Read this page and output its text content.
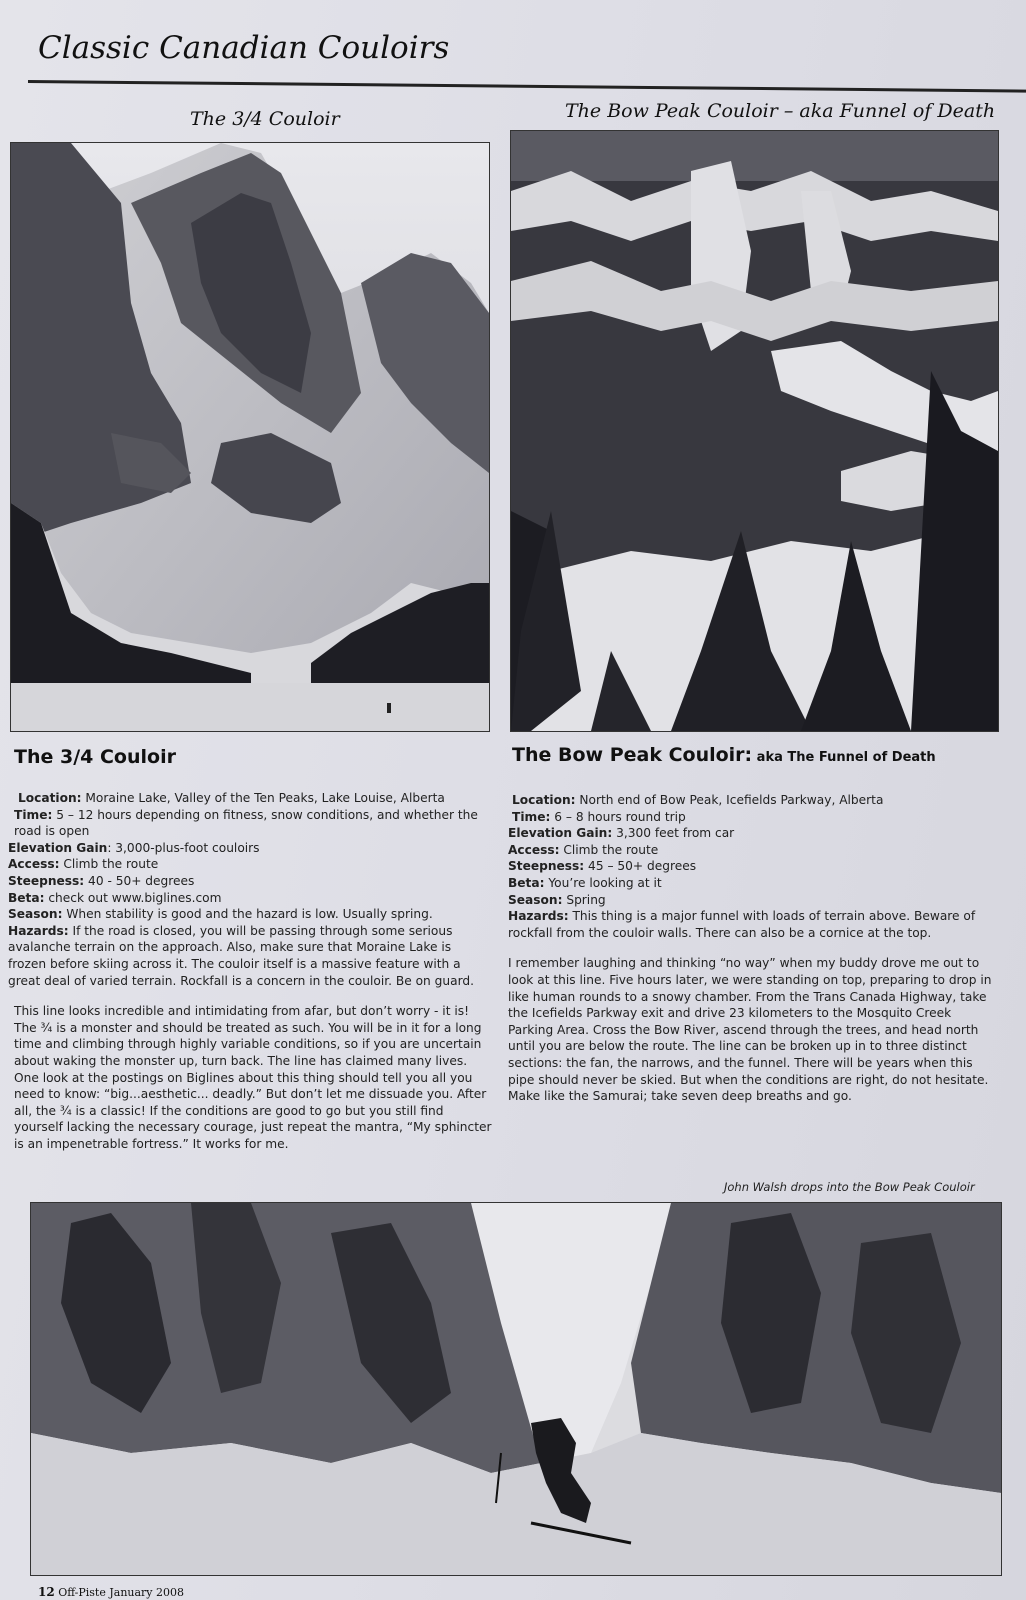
Classic Canadian Couloirs
The 3/4 Couloir	The Bow Peak Couloir – aka Funnel of Death
The 3/4 Couloir	The Bow Peak Couloir: aka The Funnel of Death

Location: Moraine Lake, Valley of the Ten Peaks, Lake Louise, Alberta

Time: 5 – 12 hours depending on fitness, snow conditions, and whether the road is open

Elevation Gain: 3,000-plus-foot couloirs

Access: Climb the route

Steepness: 40 - 50+ degrees

Beta: check out www.biglines.com

Season: When stability is good and the hazard is low. Usually spring.

Hazards: If the road is closed, you will be passing through some serious avalanche terrain on the approach. Also, make sure that Moraine Lake is frozen before skiing across it. The couloir itself is a massive feature with a great deal of varied terrain. Rockfall is a concern in the couloir. Be on guard.

This line looks incredible and intimidating from afar, but don’t worry - it is! The ¾ is a monster and should be treated as such. You will be in it for a long time and climbing through highly variable conditions, so if you are uncertain about waking the monster up, turn back. The line has claimed many lives. One look at the postings on Biglines about this thing should tell you all you need to know: “big...aesthetic... deadly.” But don’t let me dissuade you. After all, the ¾ is a classic! If the conditions are good to go but you still find yourself lacking the necessary courage, just repeat the mantra, “My sphincter is an impenetrable fortress.” It works for me.

Location: North end of Bow Peak, Icefields Parkway, Alberta

Time: 6 – 8 hours round trip

Elevation Gain: 3,300 feet from car

Access: Climb the route

Steepness: 45 – 50+ degrees

Beta: You’re looking at it

Season: Spring

Hazards: This thing is a major funnel with loads of terrain above. Beware of rockfall from the couloir walls. There can also be a cornice at the top.

I remember laughing and thinking “no way” when my buddy drove me out to look at this line. Five hours later, we were standing on top, preparing to drop in like human rounds to a snowy chamber. From the Trans Canada Highway, take the Icefields Parkway exit and drive 23 kilometers to the Mosquito Creek Parking Area. Cross the Bow River, ascend through the trees, and head north until you are below the route. The line can be broken up in to three distinct sections: the fan, the narrows, and the funnel. There will be years when this pipe should never be skied. But when the conditions are right, do not hesitate. Make like the Samurai; take seven deep breaths and go.

John Walsh drops into the Bow Peak Couloir
12 Off-Piste January 2008
